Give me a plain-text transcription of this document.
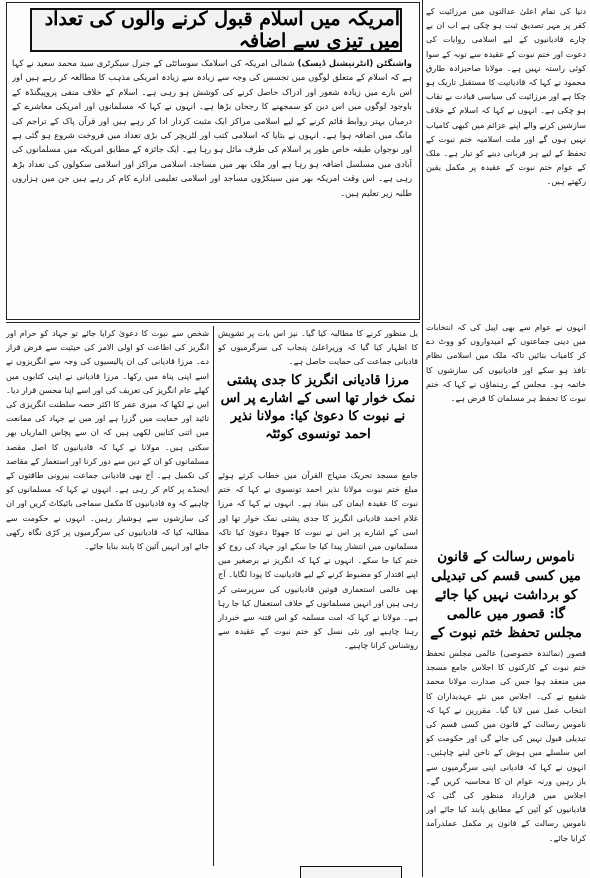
دنیا کی تمام اعلیٰ عدالتوں میں مرزائیت کے کفر پر مہر تصدیق ثبت ہو چکی ہے اب ان بے چارے قادیانیوں کے لیے اسلامی روایات کی دعوت اور ختم نبوت کے عقیدہ سے توبہ کے سوا کوئی راستہ نہیں ہے۔ مولانا صاحبزادہ طارق محمود نے کہا کہ قادیانیت کا مستقبل تاریک ہو چکا ہے اور مرزائیت کی سیاسی قیادت بے نقاب ہو چکی ہے۔ انہوں نے کہا کہ اسلام کے خلاف سازشیں کرنے والے اپنے عزائم میں کبھی کامیاب نہیں ہوں گے اور ملت اسلامیہ ختم نبوت کے تحفظ کے لیے ہر قربانی دینے کو تیار ہے۔ ملک کے عوام ختم نبوت کے عقیدہ پر مکمل یقین رکھتے ہیں۔
انہوں نے عوام سے بھی اپیل کی کہ انتخابات میں دینی جماعتوں کے امیدواروں کو ووٹ دے کر کامیاب بنائیں تاکہ ملک میں اسلامی نظام نافذ ہو سکے اور قادیانیوں کی سازشوں کا خاتمہ ہو۔ مجلس کے رہنماؤں نے کہا کہ ختم نبوت کا تحفظ ہر مسلمان کا فرض ہے۔
ناموس رسالت کے قانون میں کسی قسم کی تبدیلی کو برداشت نہیں کیا جائے گا: قصور میں عالمی مجلس تحفظ ختم نبوت کے
قصور (نمائندہ خصوصی) عالمی مجلس تحفظ ختم نبوت کے کارکنوں کا اجلاس جامع مسجد میں منعقد ہوا جس کی صدارت مولانا محمد شفیع نے کی۔ اجلاس میں نئے عہدیداران کا انتخاب عمل میں لایا گیا۔ مقررین نے کہا کہ ناموس رسالت کے قانون میں کسی قسم کی تبدیلی قبول نہیں کی جائے گی اور حکومت کو اس سلسلے میں ہوش کے ناخن لینے چاہئیں۔ انہوں نے کہا کہ قادیانی اپنی سرگرمیوں سے باز رہیں ورنہ عوام ان کا محاسبہ کریں گے۔ اجلاس میں قرارداد منظور کی گئی کہ قادیانیوں کو آئین کے مطابق پابند کیا جائے اور ناموس رسالت کے قانون پر مکمل عملدرآمد کرایا جائے۔
امریکہ میں اسلام قبول کرنے والوں کی تعداد میں تیزی سے اضافہ
واشنگٹن (انٹرنیشنل ڈیسک) شمالی امریکہ کی اسلامک سوسائٹی کے جنرل سیکرٹری سید محمد سعید نے کہا ہے کہ اسلام کے متعلق لوگوں میں تجسس کی وجہ سے زیادہ سے زیادہ امریکی مذہب کا مطالعہ کر رہے ہیں اور اس بارے میں زیادہ شعور اور ادراک حاصل کرنے کی کوشش ہو رہی ہے۔ اسلام کے خلاف منفی پروپیگنڈہ کے باوجود لوگوں میں اس دین کو سمجھنے کا رجحان بڑھا ہے۔ انہوں نے کہا کہ مسلمانوں اور امریکی معاشرے کے درمیان بہتر روابط قائم کرنے کے لیے اسلامی مراکز ایک مثبت کردار ادا کر رہے ہیں اور قرآن پاک کے تراجم کی مانگ میں اضافہ ہوا ہے۔ انہوں نے بتایا کہ اسلامی کتب اور لٹریچر کی بڑی تعداد میں فروخت شروع ہو گئی ہے اور نوجوان طبقہ خاص طور پر اسلام کی طرف مائل ہو رہا ہے۔ ایک جائزہ کے مطابق امریکہ میں مسلمانوں کی آبادی میں مسلسل اضافہ ہو رہا ہے اور ملک بھر میں مساجد، اسلامی مراکز اور اسلامی سکولوں کی تعداد بڑھ رہی ہے۔ اس وقت امریکہ بھر میں سینکڑوں مساجد اور اسلامی تعلیمی ادارے کام کر رہے ہیں جن میں ہزاروں طلبہ زیر تعلیم ہیں۔
بل منظور کرنے کا مطالبہ کیا گیا۔ نیز اس بات پر تشویش کا اظہار کیا گیا کہ وزیراعلیٰ پنجاب کی سرگرمیوں کو قادیانی جماعت کی حمایت حاصل ہے۔
مرزا قادیانی انگریز کا جدی پشتی نمک خوار تھا اسی کے اشارے پر اس نے نبوت کا دعویٰ کیا: مولانا نذیر احمد تونسوی کوئٹہ
جامع مسجد تحریک منہاج القرآن میں خطاب کرتے ہوئے مبلغ ختم نبوت مولانا نذیر احمد تونسوی نے کہا کہ ختم نبوت کا عقیدہ ایمان کی بنیاد ہے۔ انہوں نے کہا کہ مرزا غلام احمد قادیانی انگریز کا جدی پشتی نمک خوار تھا اور اسی کے اشارے پر اس نے نبوت کا جھوٹا دعویٰ کیا تاکہ مسلمانوں میں انتشار پیدا کیا جا سکے اور جہاد کی روح کو ختم کیا جا سکے۔ انہوں نے کہا کہ انگریز نے برصغیر میں اپنے اقتدار کو مضبوط کرنے کے لیے قادیانیت کا پودا لگایا۔ آج بھی عالمی استعماری قوتیں قادیانیوں کی سرپرستی کر رہی ہیں اور انہیں مسلمانوں کے خلاف استعمال کیا جا رہا ہے۔ مولانا نے کہا کہ امت مسلمہ کو اس فتنہ سے خبردار رہنا چاہیے اور نئی نسل کو ختم نبوت کے عقیدہ سے روشناس کرانا چاہیے۔
شخص سے نبوت کا دعویٰ کرایا جائے تو جہاد کو حرام اور انگریز کی اطاعت کو اولی الامر کی حیثیت سے فرض قرار دے۔ مرزا قادیانی کی ان پالیسیوں کی وجہ سے انگریزوں نے اسے اپنی پناہ میں رکھا۔ مرزا قادیانی نے اپنی کتابوں میں کھلے عام انگریز کی تعریف کی اور اسے اپنا محسن قرار دیا۔ اس نے لکھا کہ میری عمر کا اکثر حصہ سلطنت انگریزی کی تائید اور حمایت میں گزرا ہے اور میں نے جہاد کی ممانعت میں اتنی کتابیں لکھی ہیں کہ ان سے پچاس الماریاں بھر سکتی ہیں۔ مولانا نے کہا کہ قادیانیوں کا اصل مقصد مسلمانوں کو ان کے دین سے دور کرنا اور استعمار کے مقاصد کی تکمیل ہے۔ آج بھی قادیانی جماعت بیرونی طاقتوں کے ایجنڈے پر کام کر رہی ہے۔ انہوں نے کہا کہ مسلمانوں کو چاہیے کہ وہ قادیانیوں کا مکمل سماجی بائیکاٹ کریں اور ان کی سازشوں سے ہوشیار رہیں۔ انہوں نے حکومت سے مطالبہ کیا کہ قادیانیوں کی سرگرمیوں پر کڑی نگاہ رکھی جائے اور انہیں آئین کا پابند بنایا جائے۔
